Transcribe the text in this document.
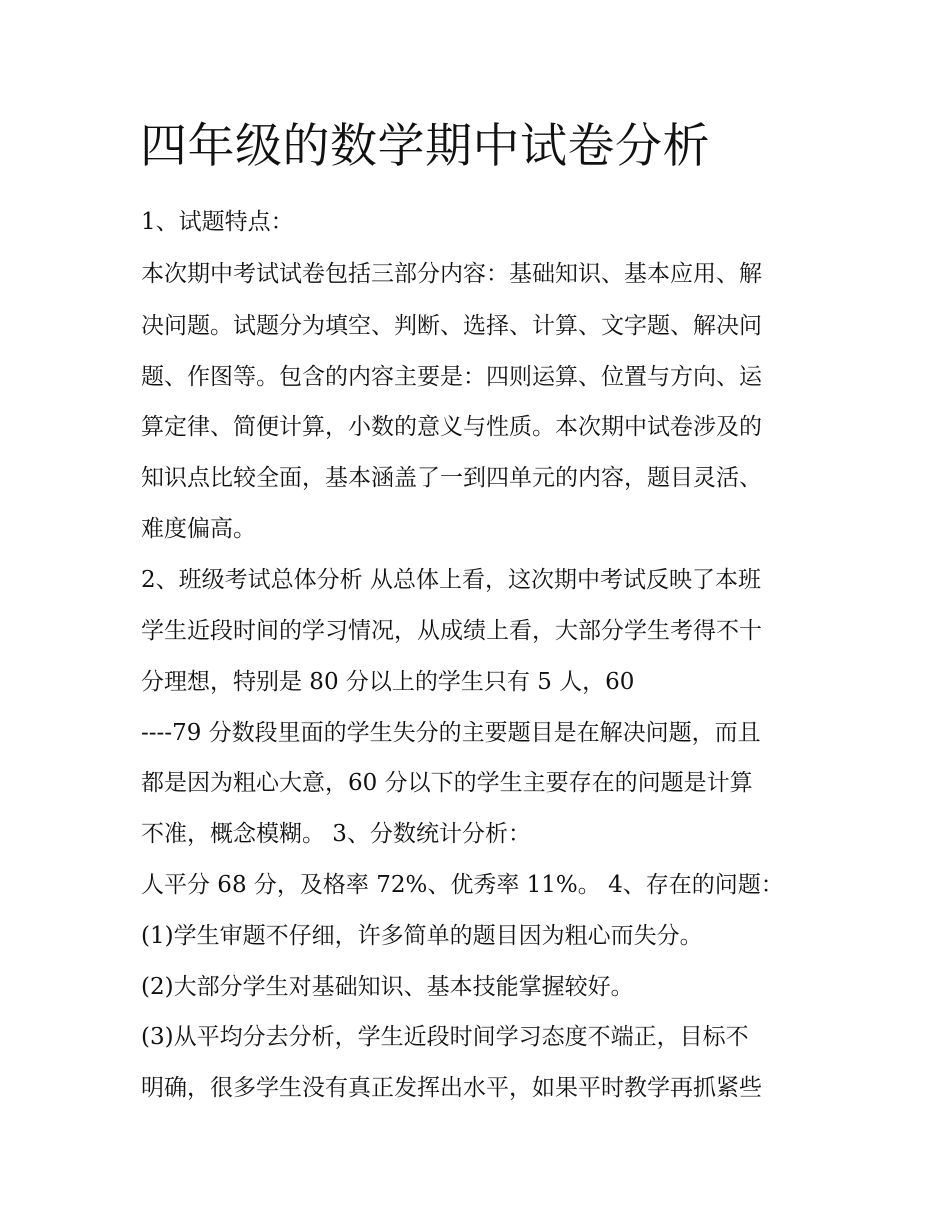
四年级的数学期中试卷分析

1、试题特点：

本次期中考试试卷包括三部分内容：基础知识、基本应用、解

决问题。试题分为填空、判断、选择、计算、文字题、解决问

题、作图等。包含的内容主要是：四则运算、位置与方向、运

算定律、简便计算，小数的意义与性质。本次期中试卷涉及的

知识点比较全面，基本涵盖了一到四单元的内容，题目灵活、

难度偏高。

2、班级考试总体分析 从总体上看，这次期中考试反映了本班

学生近段时间的学习情况，从成绩上看，大部分学生考得不十

分理想，特别是 80 分以上的学生只有 5 人，60

----79 分数段里面的学生失分的主要题目是在解决问题，而且

都是因为粗心大意，60 分以下的学生主要存在的问题是计算

不准，概念模糊。 3、分数统计分析：

人平分 68 分，及格率 72%、优秀率 11%。 4、存在的问题：

(1)学生审题不仔细，许多简单的题目因为粗心而失分。

(2)大部分学生对基础知识、基本技能掌握较好。

(3)从平均分去分析，学生近段时间学习态度不端正，目标不

明确，很多学生没有真正发挥出水平，如果平时教学再抓紧些
